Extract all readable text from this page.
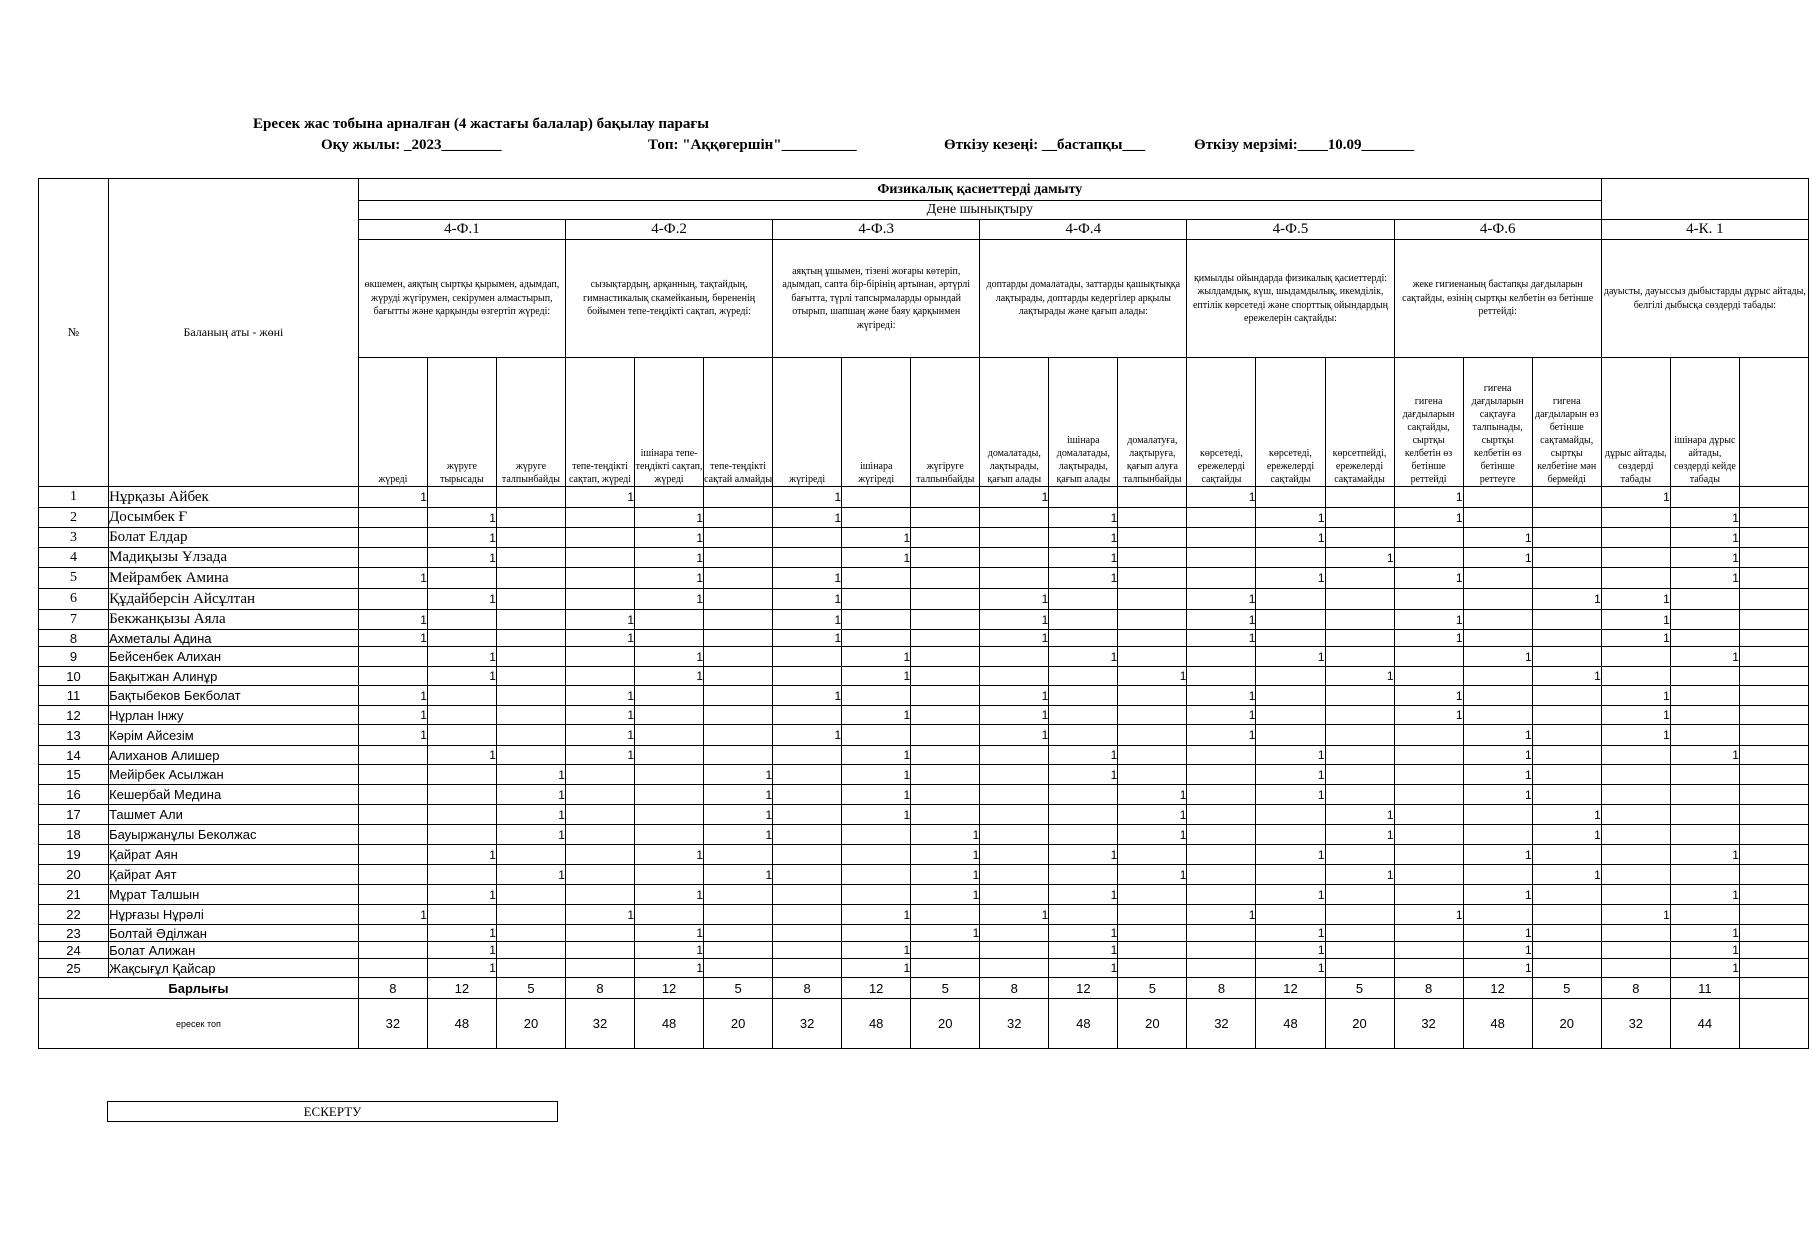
Ересек жас тобына арналған (4 жастағы балалар) бақылау парағы
Оқу жылы: _2023________	Топ: "Аққөгершін"__________	Өткізу кезеңі: __бастапқы___	Өткізу мерзімі:____10.09_______
№	Баланың аты - жөні	Физикалық қасиеттерді дамыту																				
		Дене шынықтыру																				
		4-Ф.1			4-Ф.2			4-Ф.3			4-Ф.4			4-Ф.5			4-Ф.6			4-К. 1		
		өкшемен, аяқтың сыртқы қырымен, адымдап, жүруді жүгірумен, секірумен алмастырып, бағытты және қарқынды өзгертіп жүреді:			сызықтардың, арқанның, тақтайдың, гимнастикалық скамейканың, бөрененің бойымен тепе-теңдікті сақтап, жүреді:			аяқтың ұшымен, тізені жоғары көтеріп, адымдап, сапта бір-бірінің артынан, әртүрлі бағытта, түрлі тапсырмаларды орындай отырып, шапшаң және баяу қарқынмен жүгіреді:			доптарды домалатады, заттарды қашықтыққа лақтырады, доптарды кедергілер арқылы лақтырады және қағып алады:			қимылды ойындарда физикалық қасиеттерді: жылдамдық, күш, шыдамдылық, икемділік, ептілік көрсетеді және спорттық ойындардың ережелерін сақтайды:			жеке гигиенаның бастапқы дағдыларын сақтайды, өзінің сыртқы келбетін өз бетінше реттейді:			дауысты, дауыссыз дыбыстарды дұрыс айтады, белгілі дыбысқа сөздерді табады:		
		жүреді	жүруге тырысады	жүруге талпынбайды	тепе-теңдікті сақтап, жүреді	ішінара тепе-теңдікті сақтап, жүреді	тепе-теңдікті сақтай алмайды	жүгіреді	ішінара жүгіреді	жүгіруге талпынбайды	домалатады, лақтырады, қағып алады	ішінара домалатады, лақтырады, қағып алады	домалатуға, лақтыруға, қағып алуға талпынбайды	көрсетеді, ережелерді сақтайды	көрсетеді, ережелерді сақтайды	көрсетпейді, ережелерді сақтамайды	гигена дағдыларын сақтайды, сыртқы келбетін өз бетінше реттейді	гигена дағдыларын сақтауға талпынады, сыртқы келбетін өз бетінше реттеуге	гигена дағдыларын өз бетінше сақтамайды, сыртқы келбетіне мән бермейді	дұрыс айтады, сөздерді табады	ішінара дұрыс айтады, сөздерді кейде табады	
1	Нұрқазы Айбек	1			1			1			1			1			1			1		
2	Досымбек Ғ		1			1		1				1			1		1				1	
3	Болат Елдар		1			1			1			1			1			1			1	
4	Мадиқызы Ұлзада		1			1			1			1				1		1			1	
5	Мейрамбек Амина	1				1		1				1			1		1				1	
6	Құдайберсін Айсұлтан		1			1		1			1			1					1	1		
7	Бекжанқызы Аяла	1			1			1			1			1			1			1		
8	Ахметалы Адина	1			1			1			1			1			1			1		
9	Бейсенбек Алихан		1			1			1			1			1			1			1	
10	Бақытжан Алинұр		1			1			1				1			1			1			
11	Бақтыбеков Бекболат	1			1			1			1			1			1			1		
12	Нұрлан Інжу	1			1				1		1			1			1			1		
13	Кәрім Айсезім	1			1			1			1			1				1		1		
14	Алиханов Алишер		1		1				1			1			1			1			1	
15	Мейірбек Асылжан			1			1		1			1			1			1				
16	Кешербай Медина			1			1		1				1		1			1				
17	Ташмет Али			1			1		1				1			1			1			
18	Бауыржанұлы Беколжас			1			1			1			1			1			1			
19	Қайрат Аян		1			1				1		1			1			1			1	
20	Қайрат Аят			1			1			1			1			1			1			
21	Мұрат Талшын		1			1				1		1			1			1			1	
22	Нұрғазы Нұрәлі	1			1				1		1			1			1			1		
23	Болтай Әділжан		1			1				1		1			1			1			1	
24	Болат Алижан		1			1			1			1			1			1			1	
25	Жақсығұл Қайсар		1			1			1			1			1			1			1	
Барлығы		8	12	5	8	12	5	8	12	5	8	12	5	8	12	5	8	12	5	8	11	
ересек топ		32	48	20	32	48	20	32	48	20	32	48	20	32	48	20	32	48	20	32	44	
ЕСКЕРТУ
